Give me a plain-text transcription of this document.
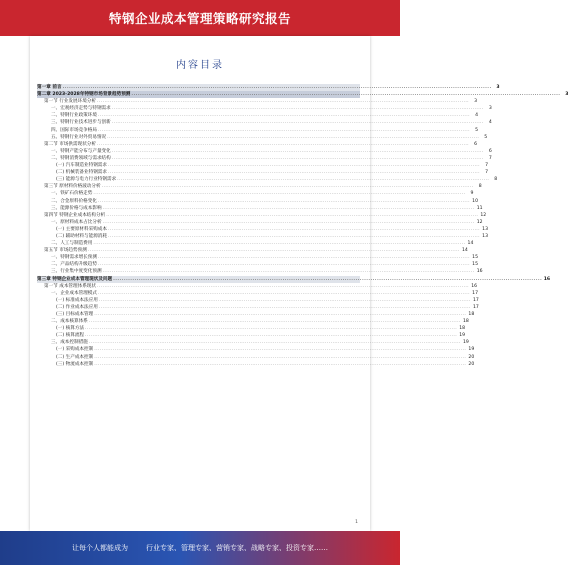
特钢企业成本管理策略研究报告
内容目录
第一章 前言 .....	3
第二章 2023-2028年特钢市场背景趋势预测 .....	3
第一节 行业发展环境分析 .....	3
一、宏观经济走势与特钢需求 .....	3
二、特钢行业政策环境 .....	4
三、特钢行业技术进步与创新 .....	4
四、国际市场竞争格局 .....	5
五、特钢行业对外贸易情况 .....	5
第二节 市场供需现状分析 .....	6
一、特钢产能分布与产量变化 .....	6
二、特钢消费领域与需求结构 .....	7
(一) 汽车制造业特钢需求 .....	7
(二) 机械装备业特钢需求 .....	7
(三) 能源与电力行业特钢需求 .....	8
第三节 原材料价格波动分析 .....	8
一、铁矿石价格走势 .....	9
二、合金原料价格变化 .....	10
三、能源价格与成本影响 .....	11
第四节 特钢企业成本结构分析 .....	12
一、原材料成本占比分析 .....	12
(一) 主要原材料采购成本 .....	13
(二) 辅助材料与能源消耗 .....	13
二、人工与制造费用 .....	14
第五节 市场趋势预测 .....	14
一、特钢需求增长预测 .....	15
二、产品结构升级趋势 .....	15
三、行业集中度变化预测 .....	16
第三章 特钢企业成本管理现状及问题 .....	16
第一节 成本管理体系现状 .....	16
一、企业成本管理模式 .....	17
(一) 标准成本法应用 .....	17
(二) 作业成本法应用 .....	17
(三) 目标成本管理 .....	18
二、成本核算体系 .....	18
(一) 核算方法 .....	18
(二) 核算流程 .....	19
三、成本控制措施 .....	19
(一) 采购成本控制 .....	19
(二) 生产成本控制 .....	20
(三) 物流成本控制 .....	20
1
让每个人都能成为	行业专家、管理专家、营销专家、战略专家、投资专家……
